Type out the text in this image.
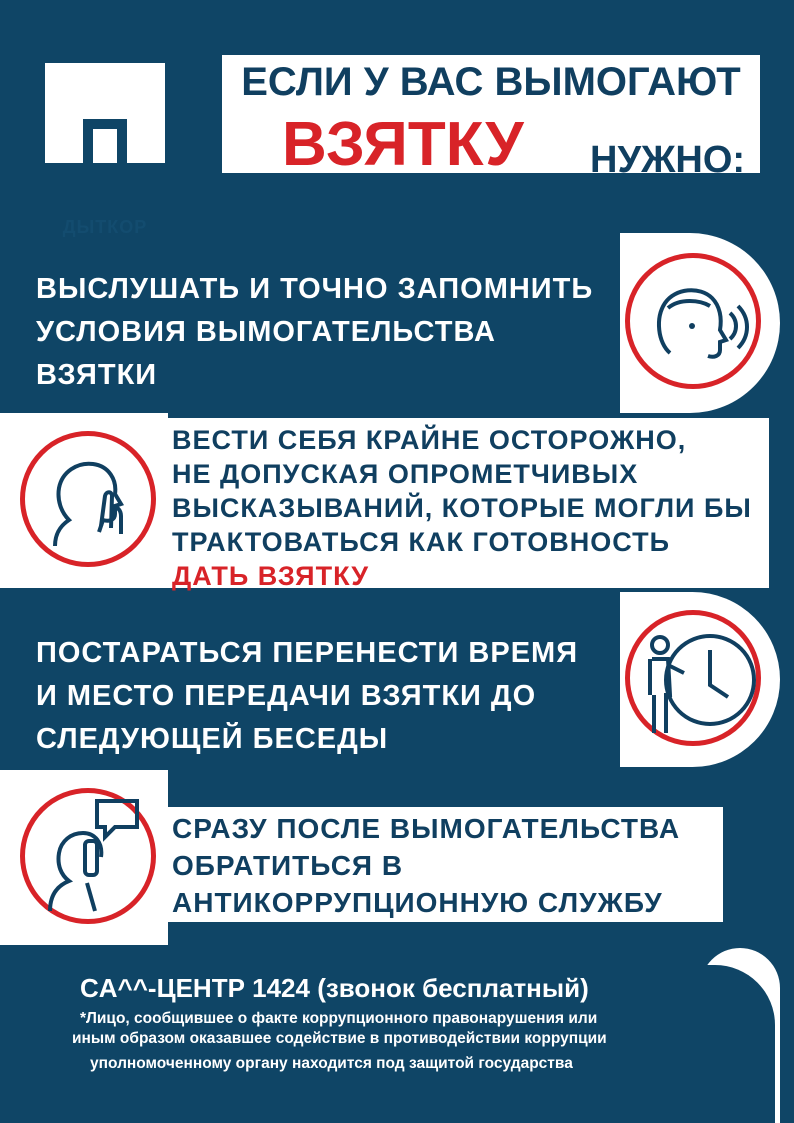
ДЫТКОР
ЕСЛИ У ВАС ВЫМОГАЮТ
ВЗЯТКУ НУЖНО:
ВЫСЛУШАТЬ И ТОЧНО ЗАПОМНИТЬ
УСЛОВИЯ ВЫМОГАТЕЛЬСТВА
ВЗЯТКИ
ВЕСТИ СЕБЯ КРАЙНЕ ОСТОРОЖНО,
НЕ ДОПУСКАЯ ОПРОМЕТЧИВЫХ
ВЫСКАЗЫВАНИЙ, КОТОРЫЕ МОГЛИ БЫ
ТРАКТОВАТЬСЯ КАК ГОТОВНОСТЬ
ДАТЬ ВЗЯТКУ
ПОСТАРАТЬСЯ ПЕРЕНЕСТИ ВРЕМЯ
И МЕСТО ПЕРЕДАЧИ ВЗЯТКИ ДО
СЛЕДУЮЩЕЙ БЕСЕДЫ
СРАЗУ ПОСЛЕ ВЫМОГАТЕЛЬСТВА
ОБРАТИТЬСЯ В
АНТИКОРРУПЦИОННУЮ СЛУЖБУ
CA^^-ЦЕНТР 1424 (звонок бесплатный)
*Лицо, сообщившее о факте коррупционного правонарушения или
иным образом оказавшее содействие в противодействии коррупции
уполномоченному органу находится под защитой государства
